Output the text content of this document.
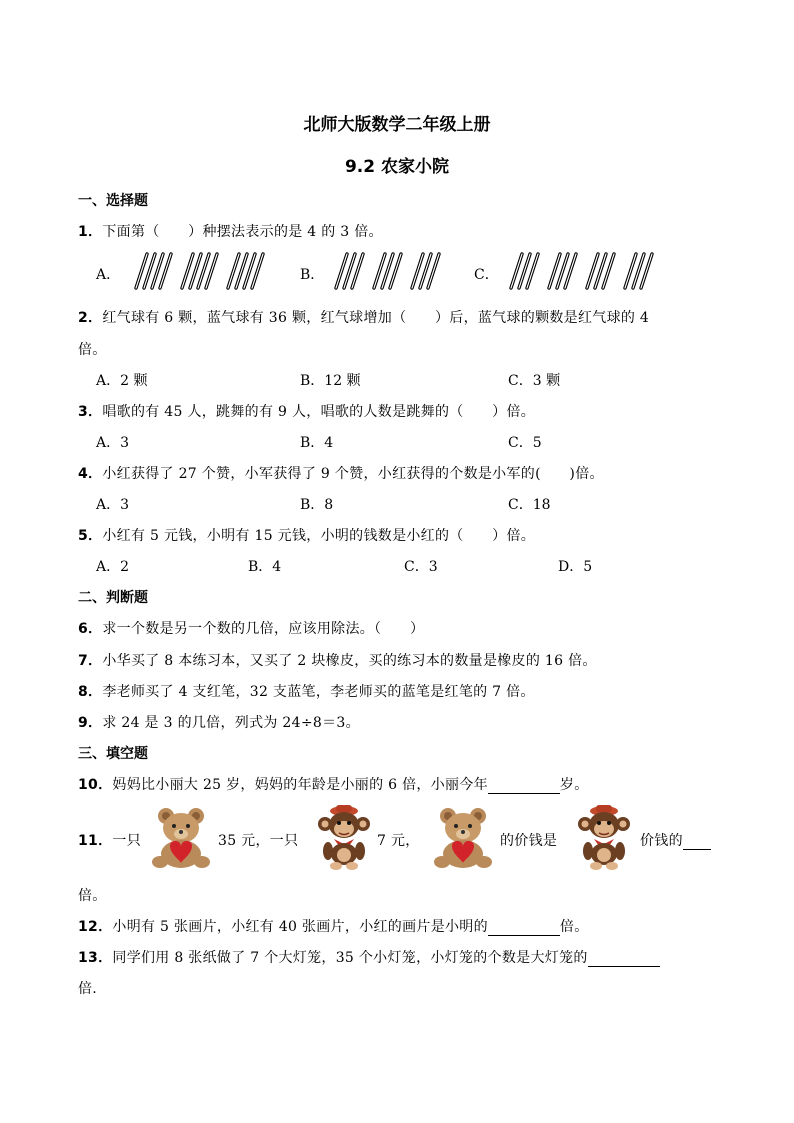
北师大版数学二年级上册
9.2 农家小院
一、选择题
1．下面第（　　）种摆法表示的是 4 的 3 倍。
A．	B．	C．
2．红气球有 6 颗，蓝气球有 36 颗，红气球增加（　　）后，蓝气球的颗数是红气球的 4
倍。
A．2 颗	B．12 颗	C．3 颗
3．唱歌的有 45 人，跳舞的有 9 人，唱歌的人数是跳舞的（　　）倍。
A．3	B．4	C．5
4．小红获得了 27 个赞，小军获得了 9 个赞，小红获得的个数是小军的(　　)倍。
A．3	B．8	C．18
5．小红有 5 元钱，小明有 15 元钱，小明的钱数是小红的（　　）倍。
A．2	B．4	C．3	D．5
二、判断题
6．求一个数是另一个数的几倍，应该用除法。（　　）
7．小华买了 8 本练习本，又买了 2 块橡皮，买的练习本的数量是橡皮的 16 倍。
8．李老师买了 4 支红笔，32 支蓝笔，李老师买的蓝笔是红笔的 7 倍。
9．求 24 是 3 的几倍，列式为 24÷8＝3。
三、填空题
10．妈妈比小丽大 25 岁，妈妈的年龄是小丽的 6 倍，小丽今年	岁。
11．一只	35 元，一只	7 元，	的价钱是	价钱的
倍。
12．小明有 5 张画片，小红有 40 张画片，小红的画片是小明的	倍。
13．同学们用 8 张纸做了 7 个大灯笼，35 个小灯笼，小灯笼的个数是大灯笼的
倍.
